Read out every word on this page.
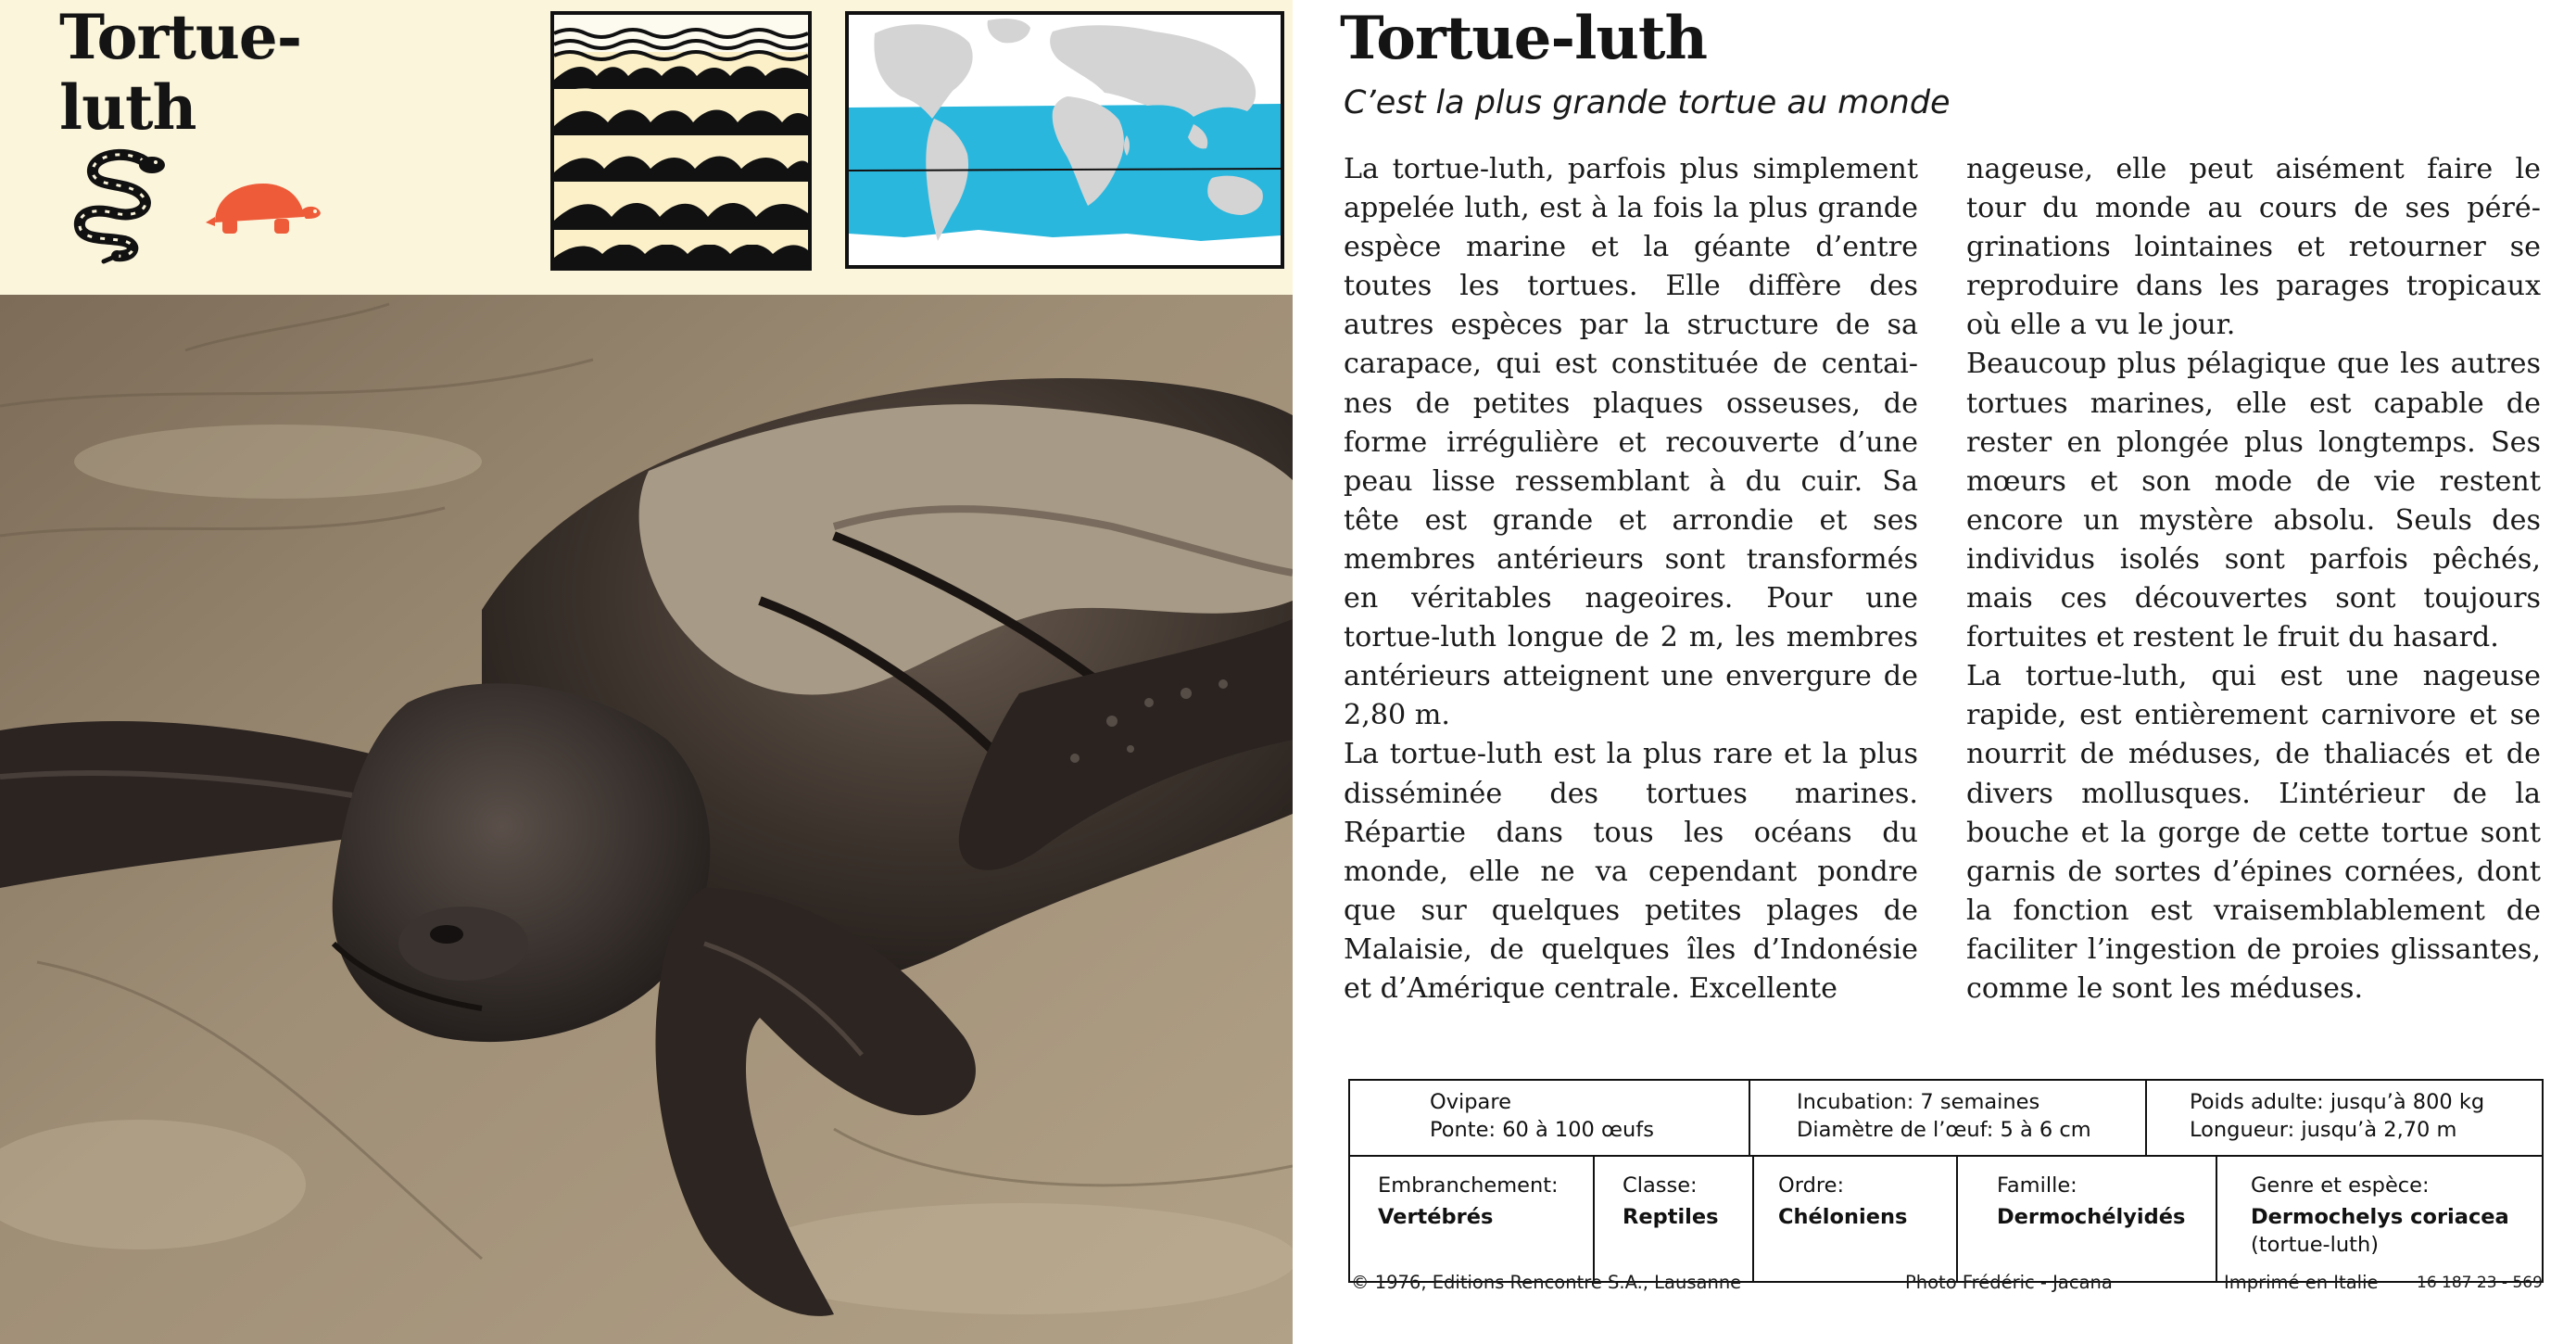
Tortue-
luth
Tortue-luth

C’est la plus grande tortue au monde

La tortue-luth, parfois plus simplement appelée luth, est à la fois la plus grande espèce marine et la géante d’entre toutes les tortues. Elle diffère des autres espèces par la structure de sa carapace, qui est constituée de centaines de petites plaques osseuses, de forme irrégulière et recouverte d’une peau lisse ressemblant à du cuir. Sa tête est grande et arrondie et ses membres antérieurs sont transformés en véritables nageoires. Pour une tortue-luth longue de 2 m, les membres antérieurs atteignent une envergure de 2,80 m.

La tortue-luth est la plus rare et la plus disséminée des tortues marines. Répartie dans tous les océans du monde, elle ne va cependant pondre que sur quelques petites plages de Malaisie, de quelques îles d’Indonésie et d’Amérique centrale. Excellente

nageuse, elle peut aisément faire le tour du monde au cours de ses pérégrinations lointaines et retourner se reproduire dans les parages tropicaux où elle a vu le jour.

Beaucoup plus pélagique que les autres tortues marines, elle est capable de rester en plongée plus longtemps. Ses mœurs et son mode de vie restent encore un mystère absolu. Seuls des individus isolés sont parfois pêchés, mais ces découvertes sont toujours fortuites et restent le fruit du hasard.

La tortue-luth, qui est une nageuse rapide, est entièrement carnivore et se nourrit de méduses, de thaliacés et de divers mollusques. L’intérieur de la bouche et la gorge de cette tortue sont garnis de sortes d’épines cornées, dont la fonction est vraisemblablement de faciliter l’ingestion de proies glissantes, comme le sont les méduses.

Ovipare
Ponte: 60 à 100 œufs
Incubation: 7 semaines
Diamètre de l’œuf: 5 à 6 cm
Poids adulte: jusqu’à 800 kg
Longueur: jusqu’à 2,70 m
Embranchement:
Vertébrés
Classe:
Reptiles
Ordre:
Chéloniens
Famille:
Dermochélyidés
Genre et espèce:
Dermochelys coriacea
(tortue-luth)
© 1976, Editions Rencontre S.A., Lausanne	Photo Frédéric - Jacana	Imprimé en Italie 16 187 23 - 569
